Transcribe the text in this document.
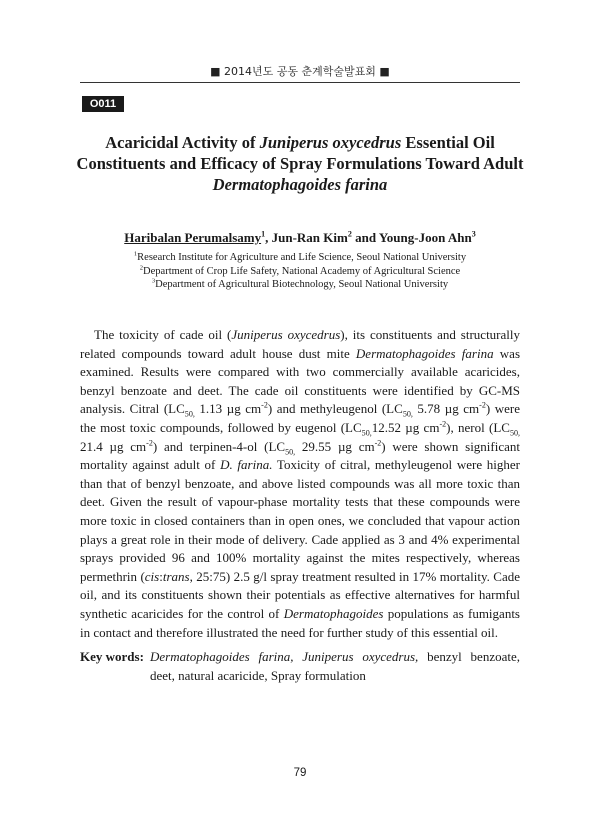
■ 2014년도 공동 춘계학술발표회 ■
O011
Acaricidal Activity of Juniperus oxycedrus Essential Oil Constituents and Efficacy of Spray Formulations Toward Adult
Dermatophagoides farina
Haribalan Perumalsamy$^1$, Jun-Ran Kim$^2$ and Young-Joon Ahn$^3$
$^1$Research Institute for Agriculture and Life Science, Seoul National University
$^2$Department of Crop Life Safety, National Academy of Agricultural Science
$^3$Department of Agricultural Biotechnology, Seoul National University

The toxicity of cade oil (Juniperus oxycedrus), its constituents and structurally related compounds toward adult house dust mite Dermatophagoides farina was examined. Results were compared with two commercially available acaricides, benzyl benzoate and deet. The cade oil constituents were identified by GC-MS analysis. Citral ($LC_{50,}$ 1.13 µg $cm^{-2}$) and methyleugenol ($LC_{50,}$ 5.78 µg $cm^{-2}$) were the most toxic compounds, followed by eugenol ($LC_{50,}12.52$ µg $cm^{-2}$), nerol ($LC_{50,}$ 21.4 µg $cm^{-2}$) and terpinen-4-ol ($LC_{50,}$ 29.55 µg $cm^{-2}$) were shown significant mortality against adult of D. farina. Toxicity of citral, methyleugenol were higher than that of benzyl benzoate, and above listed compounds was all more toxic than deet. Given the result of vapour-phase mortality tests that these compounds were more toxic in closed containers than in open ones, we concluded that vapour action plays a great role in their mode of delivery. Cade applied as 3 and 4% experimental sprays provided 96 and 100% mortality against the mites respectively, whereas permethrin (cis:trans, 25:75) 2.5 g/l spray treatment resulted in 17% mortality. Cade oil, and its constituents shown their potentials as effective alternatives for harmful synthetic acaricides for the control of Dermatophagoides populations as fumigants in contact and therefore illustrated the need for further study of this essential oil.

Key words: Dermatophagoides farina, Juniperus oxycedrus, benzyl benzoate, deet, natural acaricide, Spray formulation
79
